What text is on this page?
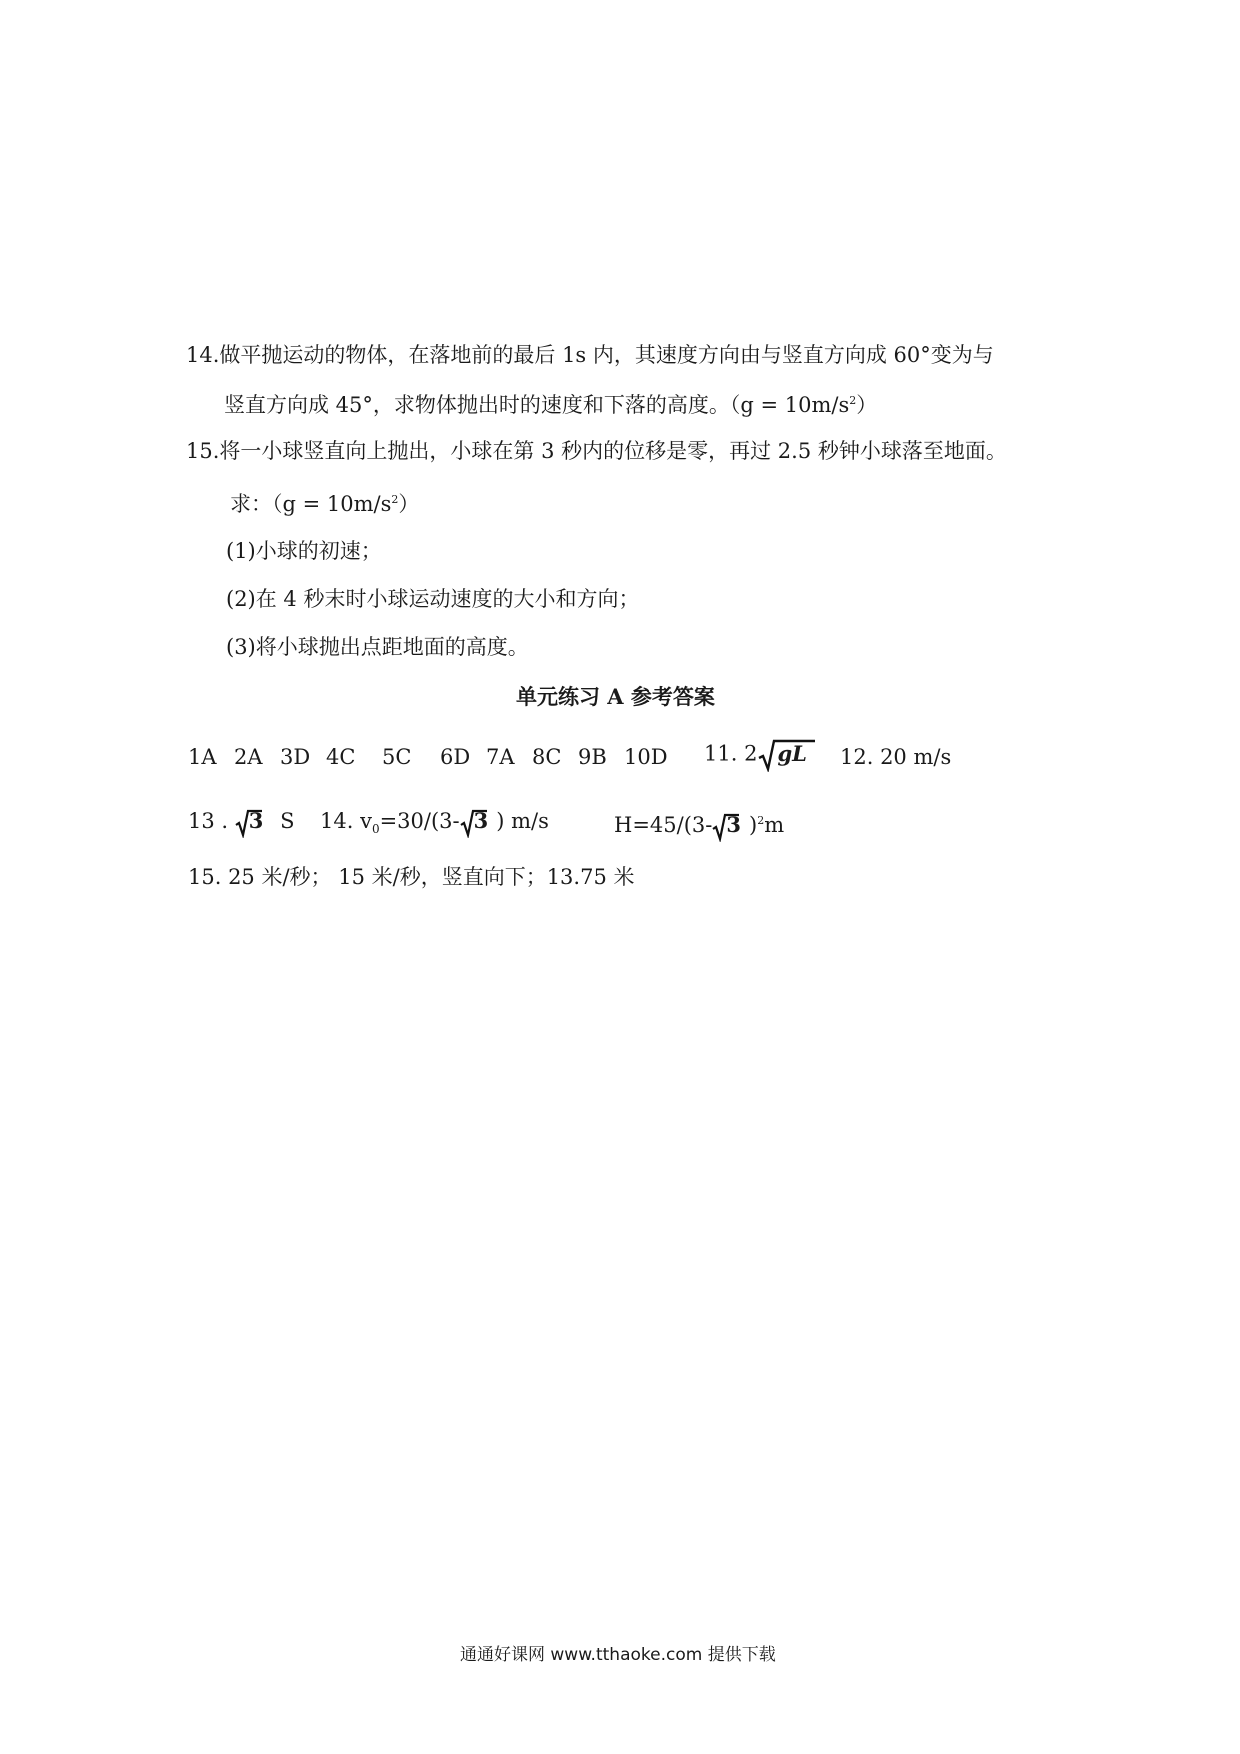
14.做平抛运动的物体，在落地前的最后 1s 内，其速度方向由与竖直方向成 60°变为与
竖直方向成 45°，求物体抛出时的速度和下落的高度。$(g = 10m/s^2)$
15.将一小球竖直向上抛出，小球在第 3 秒内的位移是零，再过 2.5 秒钟小球落至地面。
求：$(g = 10m/s^2)$
(1)小球的初速；
(2)在 4 秒末时小球运动速度的大小和方向；
(3)将小球抛出点距地面的高度。
单元练习 A 参考答案
1A 2A 3D 4C 5C 6D 7A 8C 9B 10D 11. 2 gL	12. 20 m/s
13 . 3 S 14. $v_0=30/(3-$ 3 ) m/s	H=45/(3- 3 )$^2$m
15. 25 米/秒； 15 米/秒，竖直向下；13.75 米
通通好课网 www.tthaoke.com 提供下载
